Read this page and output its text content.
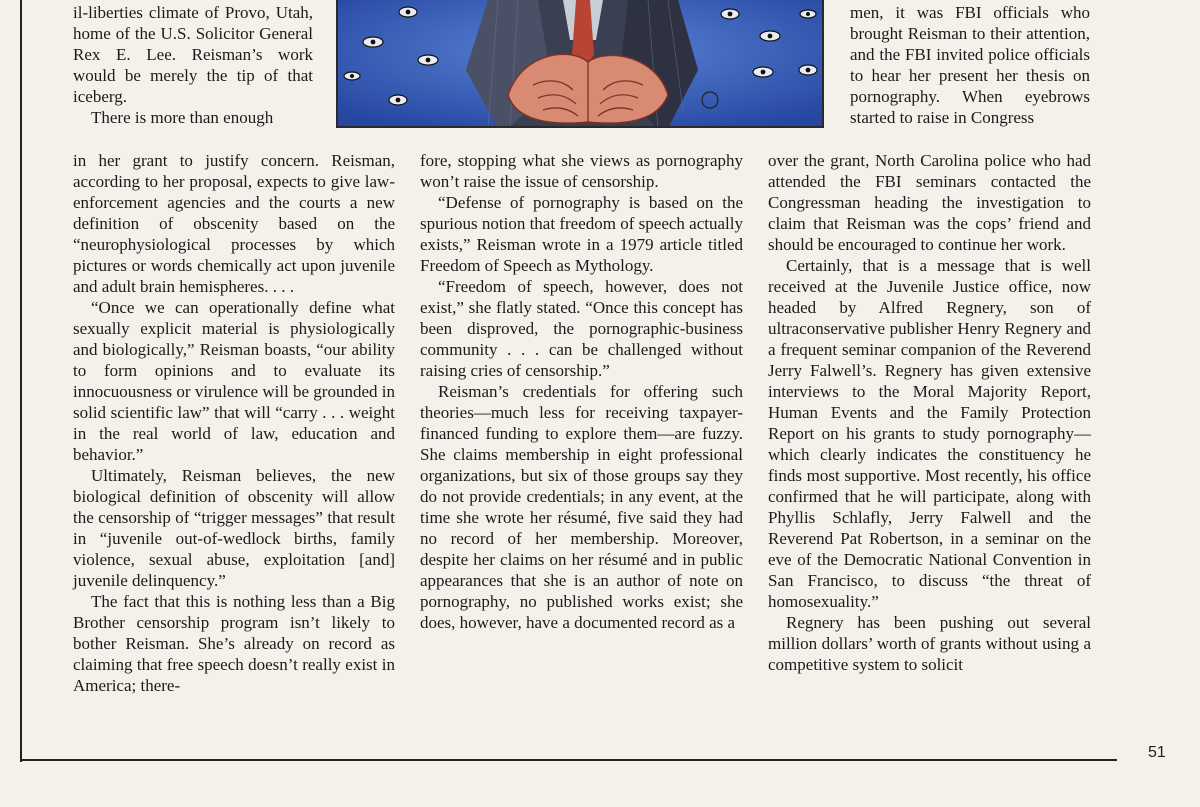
il-liberties climate of Provo, Utah, home of the U.S. Solicitor General Rex E. Lee. Reisman’s work would be merely the tip of that iceberg.

There is more than enough

in her grant to justify concern. Reisman, according to her proposal, expects to give law-enforcement agencies and the courts a new definition of obscenity based on the “neurophysiological processes by which pictures or words chemically act upon juvenile and adult brain hemispheres. . . .

“Once we can operationally define what sexually explicit material is physiologically and biologically,” Reisman boasts, “our ability to form opinions and to evaluate its innocuousness or virulence will be grounded in solid scientific law” that will “carry . . . weight in the real world of law, education and behavior.”

Ultimately, Reisman believes, the new biological definition of obscenity will allow the censorship of “trigger messages” that result in “juvenile out-of-wedlock births, family violence, sexual abuse, exploitation [and] juvenile delinquency.”

The fact that this is nothing less than a Big Brother censorship program isn’t likely to bother Reisman. She’s already on record as claiming that free speech doesn’t really exist in America; there-

fore, stopping what she views as pornography won’t raise the issue of censorship.

“Defense of pornography is based on the spurious notion that freedom of speech actually exists,” Reisman wrote in a 1979 article titled Freedom of Speech as Mythology.

“Freedom of speech, however, does not exist,” she flatly stated. “Once this concept has been disproved, the pornographic-business community . . . can be challenged without raising cries of censorship.”

Reisman’s credentials for offering such theories—much less for receiving taxpayer-financed funding to explore them—are fuzzy. She claims membership in eight professional organizations, but six of those groups say they do not provide credentials; in any event, at the time she wrote her résumé, five said they had no record of her membership. Moreover, despite her claims on her résumé and in public appearances that she is an author of note on pornography, no published works exist; she does, however, have a documented record as a

men, it was FBI officials who brought Reisman to their attention, and the FBI invited police officials to hear her present her thesis on pornography. When eyebrows started to raise in Congress

over the grant, North Carolina police who had attended the FBI seminars contacted the Congressman heading the investigation to claim that Reisman was the cops’ friend and should be encouraged to continue her work.

Certainly, that is a message that is well received at the Juvenile Justice office, now headed by Alfred Regnery, son of ultraconservative publisher Henry Regnery and a frequent seminar companion of the Reverend Jerry Falwell’s. Regnery has given extensive interviews to the Moral Majority Report, Human Events and the Family Protection Report on his grants to study pornography—which clearly indicates the constituency he finds most supportive. Most recently, his office confirmed that he will participate, along with Phyllis Schlafly, Jerry Falwell and the Reverend Pat Robertson, in a seminar on the eve of the Democratic National Convention in San Francisco, to discuss “the threat of homosexuality.”

Regnery has been pushing out several million dollars’ worth of grants without using a competitive system to solicit

51
